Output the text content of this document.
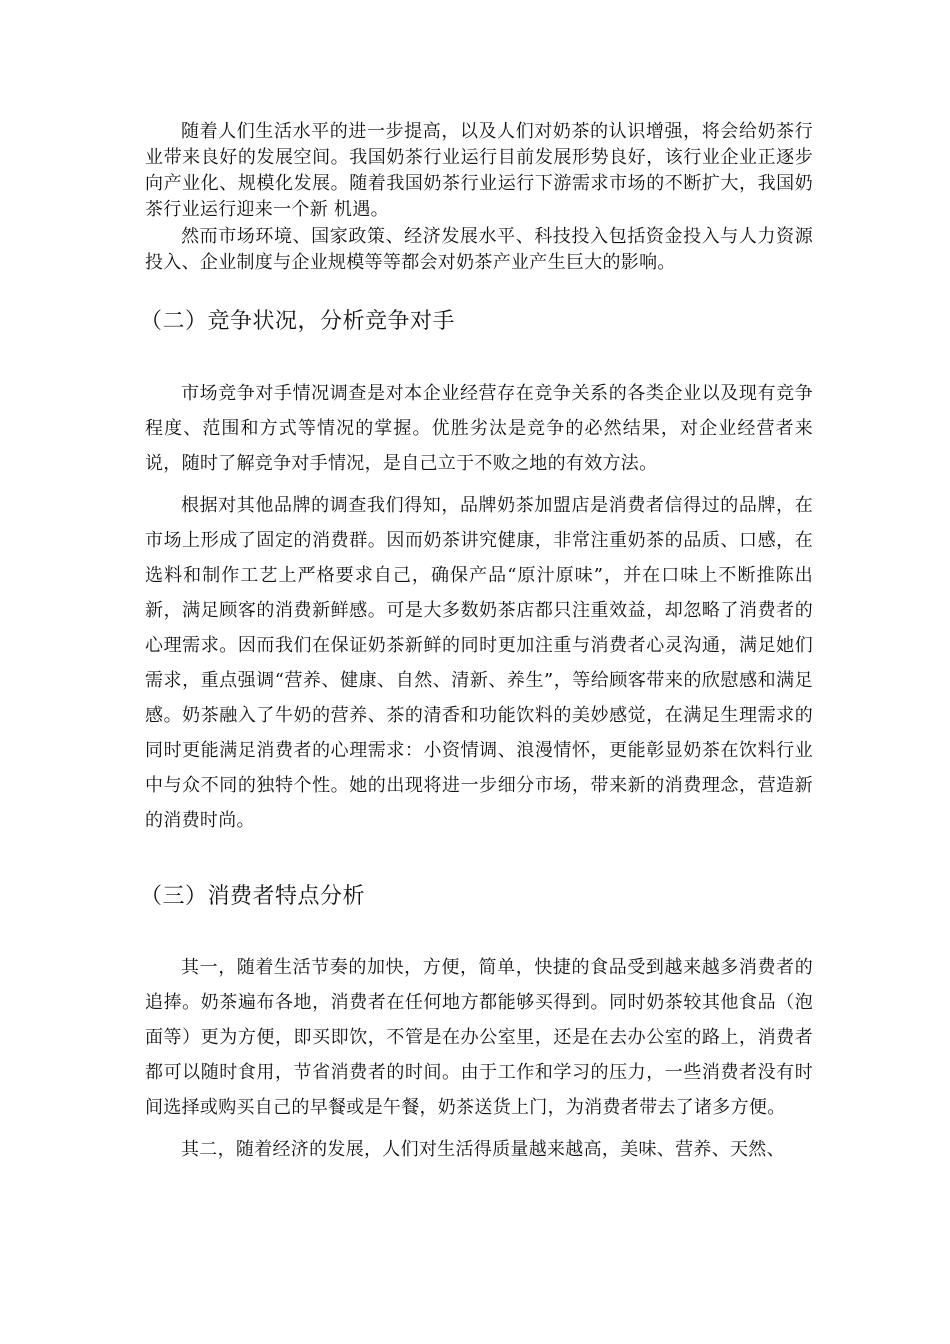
随着人们生活水平的进一步提高，以及人们对奶茶的认识增强，将会给奶茶行业带来良好的发展空间。我国奶茶行业运行目前发展形势良好，该行业企业正逐步向产业化、规模化发展。随着我国奶茶行业运行下游需求市场的不断扩大，我国奶茶行业运行迎来一个新 机遇。

然而市场环境、国家政策、经济发展水平、科技投入包括资金投入与人力资源投入、企业制度与企业规模等等都会对奶茶产业产生巨大的影响。

（二）竞争状况，分析竞争对手

市场竞争对手情况调查是对本企业经营存在竞争关系的各类企业以及现有竞争程度、范围和方式等情况的掌握。优胜劣汰是竞争的必然结果，对企业经营者来说，随时了解竞争对手情况，是自己立于不败之地的有效方法。

根据对其他品牌的调查我们得知，品牌奶茶加盟店是消费者信得过的品牌，在市场上形成了固定的消费群。因而奶茶讲究健康，非常注重奶茶的品质、口感，在选料和制作工艺上严格要求自己，确保产品“原汁原味”，并在口味上不断推陈出新，满足顾客的消费新鲜感。可是大多数奶茶店都只注重效益，却忽略了消费者的心理需求。因而我们在保证奶茶新鲜的同时更加注重与消费者心灵沟通，满足她们需求，重点强调“营养、健康、自然、清新、养生”，等给顾客带来的欣慰感和满足感。奶茶融入了牛奶的营养、茶的清香和功能饮料的美妙感觉，在满足生理需求的同时更能满足消费者的心理需求：小资情调、浪漫情怀，更能彰显奶茶在饮料行业中与众不同的独特个性。她的出现将进一步细分市场，带来新的消费理念，营造新的消费时尚。

（三）消费者特点分析

其一，随着生活节奏的加快，方便，简单，快捷的食品受到越来越多消费者的追捧。奶茶遍布各地，消费者在任何地方都能够买得到。同时奶茶较其他食品（泡面等）更为方便，即买即饮，不管是在办公室里，还是在去办公室的路上，消费者都可以随时食用，节省消费者的时间。由于工作和学习的压力，一些消费者没有时间选择或购买自己的早餐或是午餐，奶茶送货上门，为消费者带去了诸多方便。

其二，随着经济的发展，人们对生活得质量越来越高，美味、营养、天然、
